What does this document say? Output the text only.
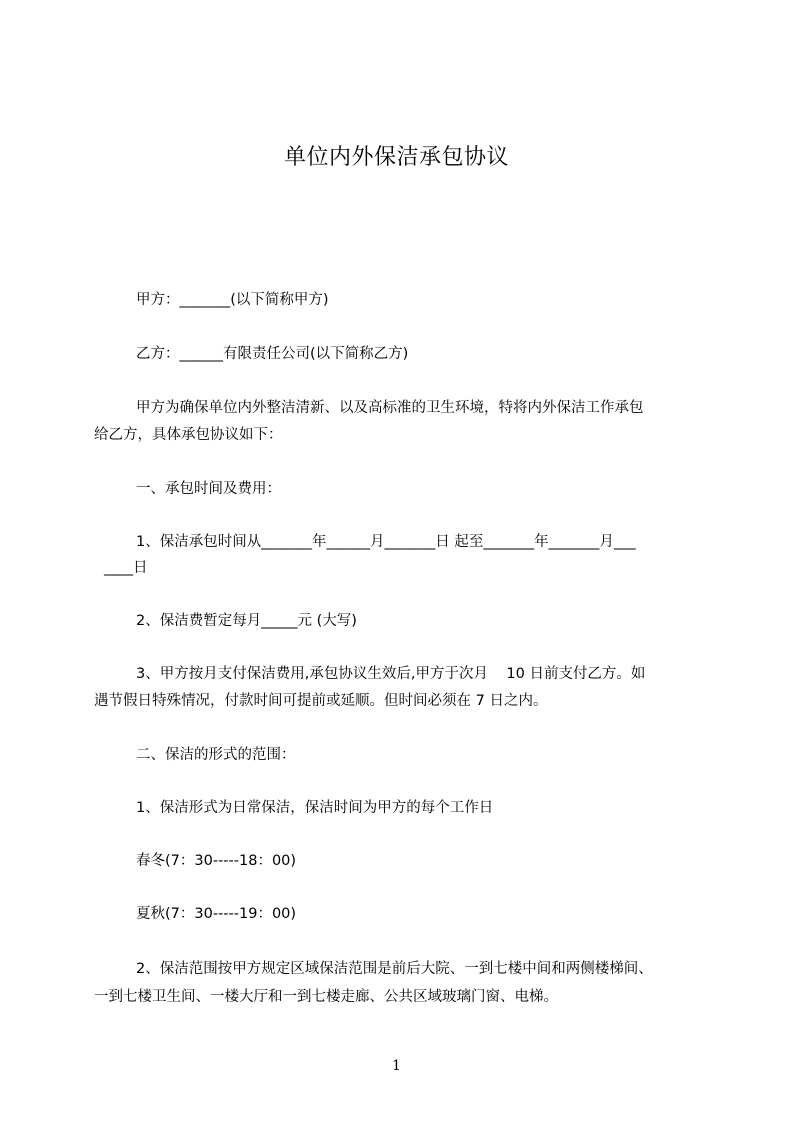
单位内外保洁承包协议
甲方：_______(以下简称甲方)
乙方：______有限责任公司(以下简称乙方)
甲方为确保单位内外整洁清新、以及高标准的卫生环境，特将内外保洁工作承包
给乙方，具体承包协议如下：
一、承包时间及费用：
1、保洁承包时间从_______年______月_______日 起至_______年_______月___
____日
2、保洁费暂定每月_____元 (大写)
3、甲方按月支付保洁费用,承包协议生效后,甲方于次月    10 日前支付乙方。如
遇节假日特殊情况，付款时间可提前或延顺。但时间必须在 7 日之内。
二、保洁的形式的范围：
1、保洁形式为日常保洁，保洁时间为甲方的每个工作日
春冬(7：30-----18：00)
夏秋(7：30-----19：00)
2、保洁范围按甲方规定区域保洁范围是前后大院、一到七楼中间和两侧楼梯间、
一到七楼卫生间、一楼大厅和一到七楼走廊、公共区域玻璃门窗、电梯。
1
